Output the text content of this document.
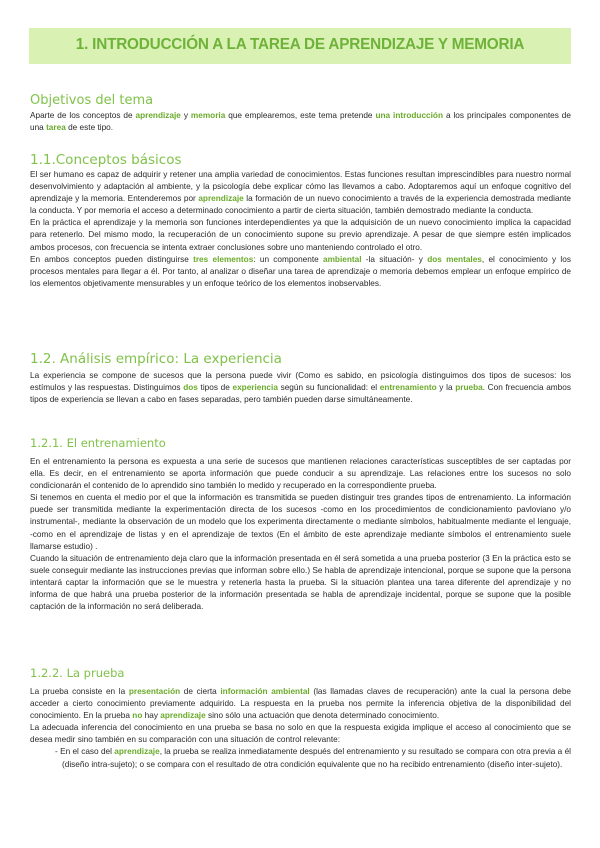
1. INTRODUCCIÓN A LA TAREA DE APRENDIZAJE Y MEMORIA
Objetivos del tema

Aparte de los conceptos de aprendizaje y memoria que emplearemos, este tema pretende una introducción a los principales componentes de una tarea de este tipo.

1.1.Conceptos básicos

El ser humano es capaz de adquirir y retener una amplia variedad de conocimientos. Estas funciones resultan imprescindibles para nuestro normal desenvolvimiento y adaptación al ambiente, y la psicología debe explicar cómo las llevamos a cabo. Adoptaremos aquí un enfoque cognitivo del aprendizaje y la memoria. Entenderemos por aprendizaje la formación de un nuevo conocimiento a través de la experiencia demostrada mediante la conducta. Y por memoria el acceso a determinado conocimiento a partir de cierta situación, también demostrado mediante la conducta.

En la práctica el aprendizaje y la memoria son funciones interdependientes ya que la adquisición de un nuevo conocimiento implica la capacidad para retenerlo. Del mismo modo, la recuperación de un conocimiento supone su previo aprendizaje. A pesar de que siempre estén implicados ambos procesos, con frecuencia se intenta extraer conclusiones sobre uno manteniendo controlado el otro.

En ambos conceptos pueden distinguirse tres elementos: un componente ambiental -la situación- y dos mentales, el conocimiento y los procesos mentales para llegar a él. Por tanto, al analizar o diseñar una tarea de aprendizaje o memoria debemos emplear un enfoque empírico de los elementos objetivamente mensurables y un enfoque teórico de los elementos inobservables.

1.2. Análisis empírico: La experiencia

La experiencia se compone de sucesos que la persona puede vivir (Como es sabido, en psicología distinguimos dos tipos de sucesos: los estímulos y las respuestas. Distinguimos dos tipos de experiencia según su funcionalidad: el entrenamiento y la prueba. Con frecuencia ambos tipos de experiencia se llevan a cabo en fases separadas, pero también pueden darse simultáneamente.

1.2.1. El entrenamiento

En el entrenamiento la persona es expuesta a una serie de sucesos que mantienen relaciones características susceptibles de ser captadas por ella. Es decir, en el entrenamiento se aporta información que puede conducir a su aprendizaje. Las relaciones entre los sucesos no solo condicionarán el contenido de lo aprendido sino también lo medido y recuperado en la correspondiente prueba.

Si tenemos en cuenta el medio por el que la información es transmitida se pueden distinguir tres grandes tipos de entrenamiento. La información puede ser transmitida mediante la experimentación directa de los sucesos -como en los procedimientos de condicionamiento pavloviano y/o instrumental-, mediante la observación de un modelo que los experimenta directamente o mediante símbolos, habitualmente mediante el lenguaje, -como en el aprendizaje de listas y en el aprendizaje de textos (En el ámbito de este aprendizaje mediante símbolos el entrenamiento suele llamarse estudio) .

Cuando la situación de entrenamiento deja claro que la información presentada en él será sometida a una prueba posterior (3 En la práctica esto se suele conseguir mediante las instrucciones previas que informan sobre ello.) Se habla de aprendizaje intencional, porque se supone que la persona intentará captar la información que se le muestra y retenerla hasta la prueba. Si la situación plantea una tarea diferente del aprendizaje y no informa de que habrá una prueba posterior de la información presentada se habla de aprendizaje incidental, porque se supone que la posible captación de la información no será deliberada.

1.2.2. La prueba

La prueba consiste en la presentación de cierta información ambiental (las llamadas claves de recuperación) ante la cual la persona debe acceder a cierto conocimiento previamente adquirido. La respuesta en la prueba nos permite la inferencia objetiva de la disponibilidad del conocimiento. En la prueba no hay aprendizaje sino sólo una actuación que denota determinado conocimiento.

La adecuada inferencia del conocimiento en una prueba se basa no solo en que la respuesta exigida implique el acceso al conocimiento que se desea medir sino también en su comparación con una situación de control relevante:

- En el caso del aprendizaje, la prueba se realiza inmediatamente después del entrenamiento y su resultado se compara con otra previa a él (diseño intra-sujeto); o se compara con el resultado de otra condición equivalente que no ha recibido entrenamiento (diseño inter-sujeto).
